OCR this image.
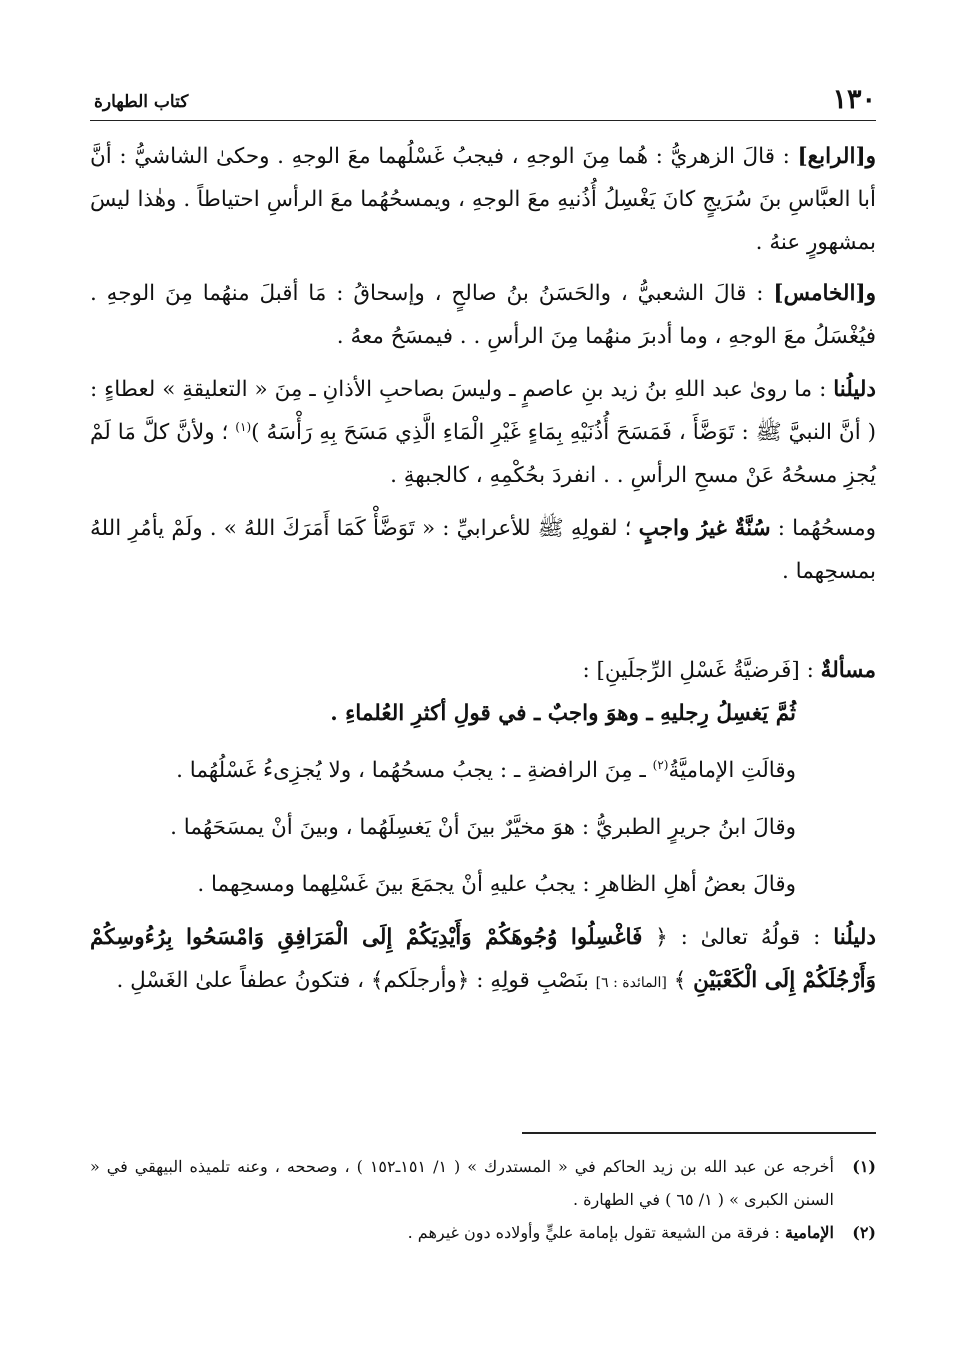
١٣٠
كتاب الطهارة

و[الرابع] : قالَ الزهريُّ : هُما مِنَ الوجهِ ، فيجبُ غَسْلُهما معَ الوجهِ . وحكىٰ الشاشيُّ : أنَّ أبا العبَّاسِ بنَ سُرَيجٍ كانَ يَغْسِلُ أُذُنيهِ معَ الوجهِ ، ويمسحُهُما معَ الرأسِ احتياطاً . وهٰذا ليسَ بمشهورٍ عنهُ .

و[الخامس] : قالَ الشعبيُّ ، والحَسَنُ بنُ صالحٍ ، وإسحاقُ : مَا أقبلَ منهُما مِنَ الوجهِ . فيُغْسَلُ معَ الوجهِ ، وما أدبرَ منهُما مِنَ الرأسِ . . فيمسَحُ معهُ .

دليلُنا : ما روىٰ عبد اللهِ بنُ زيد بنِ عاصمٍ ـ وليسَ بصاحبِ الأذانِ ـ مِنَ « التعليقةِ » لعطاءٍ : ( أنَّ النبيَّ ﷺ : تَوَضَّأَ ، فَمَسَحَ أُذُنَيْهِ بِمَاءٍ غَيْرِ الْمَاءِ الَّذِي مَسَحَ بِهِ رَأْسَهُ )$^{(١)}$ ؛ ولأنَّ كلَّ مَا لَمْ يُجزِ مسحُهُ عَنْ مسحِ الرأسِ . . انفردَ بحُكْمِهِ ، كالجبهةِ .

ومسحُهُما : سُنَّةٌ غيرُ واجبٍ ؛ لقولِهِ ﷺ للأعرابيِّ : « تَوَضَّأْ كَمَا أَمَرَكَ اللهُ » . ولَمْ يأمُرِ اللهُ بمسحِهما .

مسألةٌ : [فَرضيَّةُ غَسْلِ الرِّجلَينِ] :

ثُمَّ يَغسِلُ رِجليهِ ـ وهوَ واجبٌ ـ في قولِ أكثرِ العُلماءِ .

وقالَتِ الإماميَّةُ$^{(٢)}$ ـ مِنَ الرافضةِ ـ : يجبُ مسحُهُما ، ولا يُجزِىءُ غَسْلُهُما .

وقالَ ابنُ جريرٍ الطبريُّ : هوَ مخيَّرٌ بينَ أنْ يَغسِلَهُما ، وبينَ أنْ يمسَحَهُما .

وقالَ بعضُ أهلِ الظاهرِ : يجبُ عليهِ أنْ يجمَعَ بينَ غَسْلِهما ومسحِهما .

دليلُنا : قولُهُ تعالىٰ : ﴿ فَاغْسِلُوا وُجُوهَكُمْ وَأَيْدِيَكُمْ إِلَى الْمَرَافِقِ وَامْسَحُوا بِرُءُوسِكُمْ وَأَرْجُلَكُمْ إِلَى الْكَعْبَيْنِ ﴾ [المائدة : ٦] بنَصْبِ قولِهِ : ﴿وأرجلَكم﴾ ، فتكونُ عطفاً علىٰ الغَسْلِ .

(١)
أخرجه عن عبد الله بن زيد الحاكم في « المستدرك » ( ١/ ١٥١ـ١٥٢ ) ، وصححه ، وعنه تلميذه البيهقي في « السنن الكبرى » ( ١/ ٦٥ ) في الطهارة .
(٢)
الإمامية : فرقة من الشيعة تقول بإمامة عليٍّ وأولاده دون غيرهم .
